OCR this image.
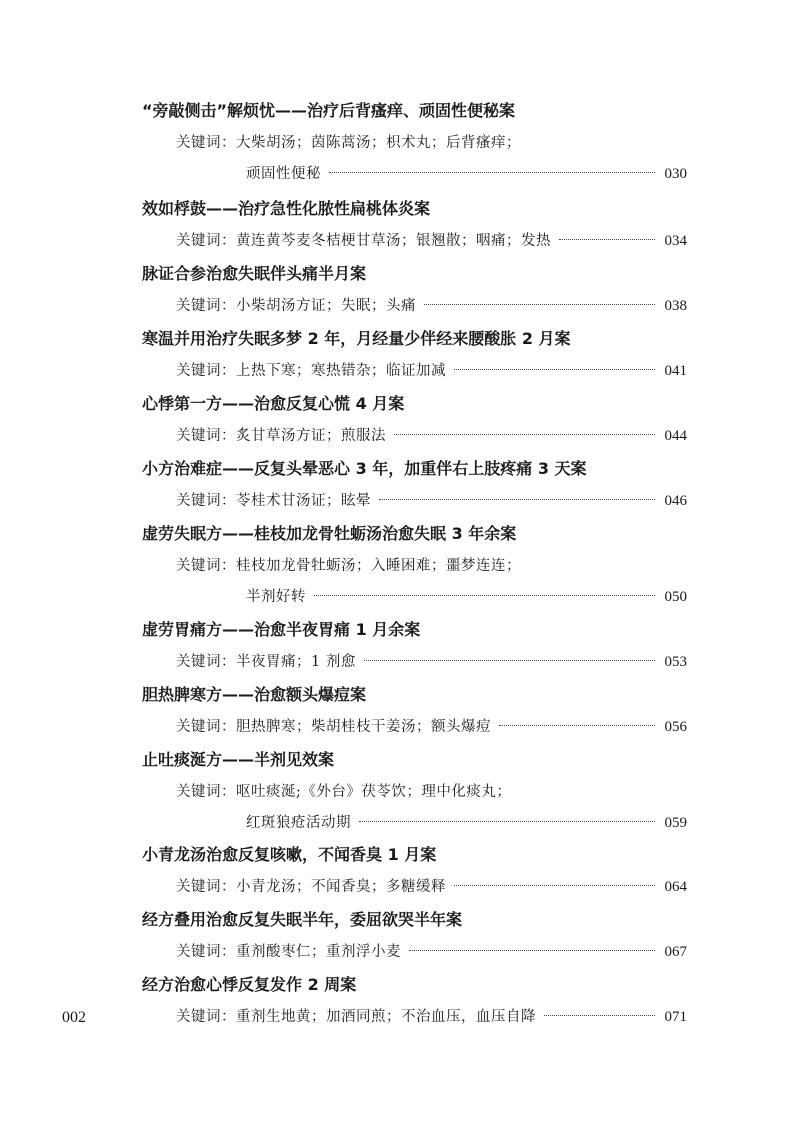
“旁敲侧击”解烦忧——治疗后背瘙痒、顽固性便秘案
关键词：大柴胡汤；茵陈蒿汤；枳术丸；后背瘙痒；
顽固性便秘	030
效如桴鼓——治疗急性化脓性扁桃体炎案
关键词：黄连黄芩麦冬桔梗甘草汤；银翘散；咽痛；发热	034
脉证合参治愈失眠伴头痛半月案
关键词：小柴胡汤方证；失眠；头痛	038
寒温并用治疗失眠多梦 2 年，月经量少伴经来腰酸胀 2 月案
关键词：上热下寒；寒热错杂；临证加减	041
心悸第一方——治愈反复心慌 4 月案
关键词：炙甘草汤方证；煎服法	044
小方治难症——反复头晕恶心 3 年，加重伴右上肢疼痛 3 天案
关键词：苓桂术甘汤证；眩晕	046
虚劳失眠方——桂枝加龙骨牡蛎汤治愈失眠 3 年余案
关键词：桂枝加龙骨牡蛎汤；入睡困难；噩梦连连；
半剂好转	050
虚劳胃痛方——治愈半夜胃痛 1 月余案
关键词：半夜胃痛；1 剂愈	053
胆热脾寒方——治愈额头爆痘案
关键词：胆热脾寒；柴胡桂枝干姜汤；额头爆痘	056
止吐痰涎方——半剂见效案
关键词：呕吐痰涎;《外台》茯苓饮；理中化痰丸；
红斑狼疮活动期	059
小青龙汤治愈反复咳嗽，不闻香臭 1 月案
关键词：小青龙汤；不闻香臭；多糖缓释	064
经方叠用治愈反复失眠半年，委屈欲哭半年案
关键词：重剂酸枣仁；重剂浮小麦	067
经方治愈心悸反复发作 2 周案
关键词：重剂生地黄；加酒同煎；不治血压，血压自降	071
002
